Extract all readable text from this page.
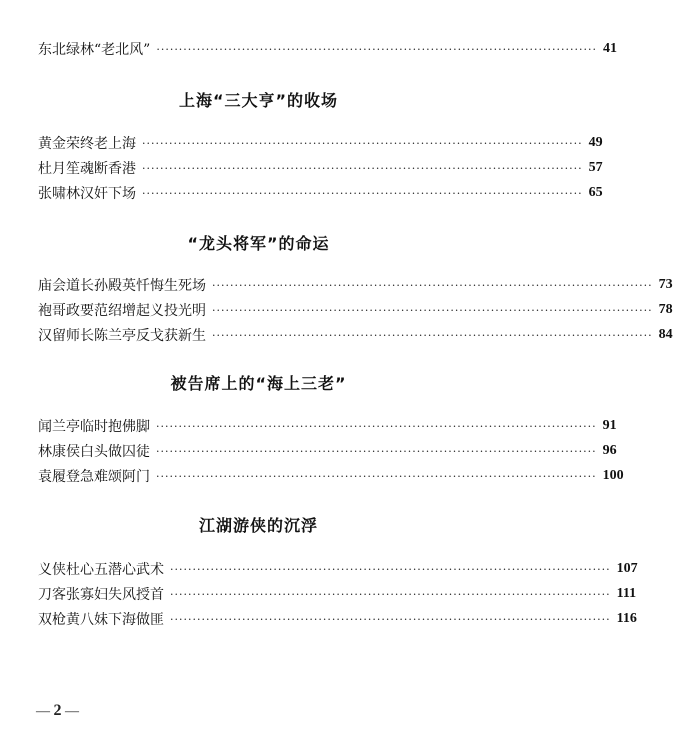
东北绿林“老北风” ·································································································· 41
上海“三大亨”的收场
黄金荣终老上海 ·································································································· 49
杜月笙魂断香港 ·································································································· 57
张啸林汉奸下场 ·································································································· 65
“龙头将军”的命运
庙会道长孙殿英忏悔生死场 ·································································································· 73
袍哥政要范绍增起义投光明 ·································································································· 78
汉留师长陈兰亭反戈获新生 ·································································································· 84
被告席上的“海上三老”
闻兰亭临时抱佛脚 ·································································································· 91
林康侯白头做囚徒 ·································································································· 96
袁履登急难颂阿门 ·································································································· 100
江湖游侠的沉浮
义侠杜心五潜心武术 ·································································································· 107
刀客张寡妇失风授首 ·································································································· 111
双枪黄八妹下海做匪 ·································································································· 116
— 2 —
